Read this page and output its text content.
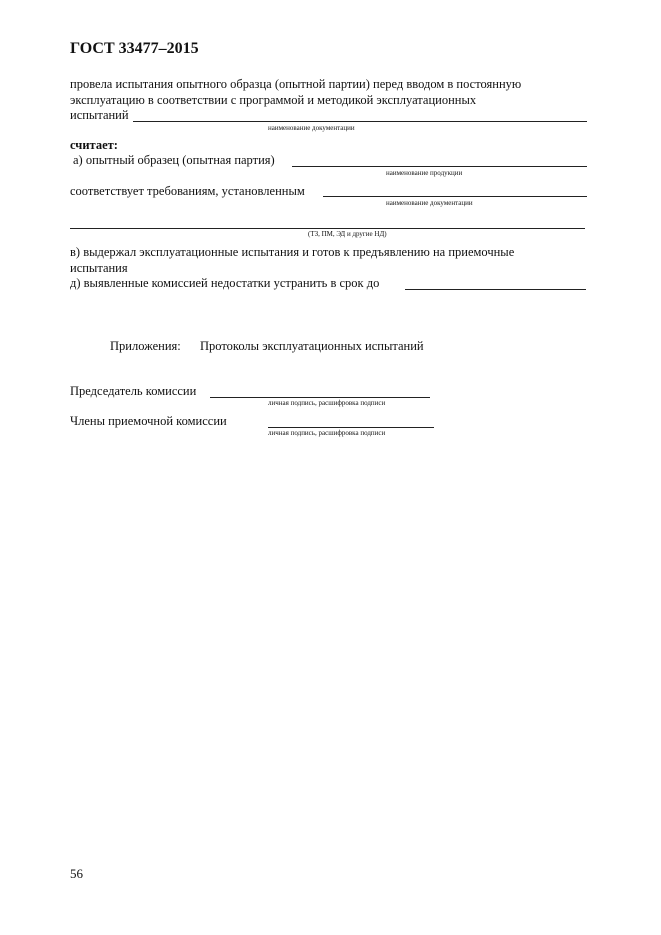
ГОСТ 33477–2015
провела испытания опытного образца (опытной партии) перед вводом в постоянную
эксплуатацию в соответствии с программой и методикой эксплуатационных
испытаний
наименование документации
считает:
а) опытный образец (опытная партия)
наименование продукции
соответствует требованиям, установленным
наименование документации
(ТЗ, ПМ, ЭД и другие НД)
в) выдержал эксплуатационные испытания и готов к предъявлению на приемочные
испытания
д) выявленные комиссией недостатки устранить в срок до
Приложения: Протоколы эксплуатационных испытаний
Председатель комиссии
личная подпись, расшифровка подписи
Члены приемочной комиссии
личная подпись, расшифровка подписи
56
